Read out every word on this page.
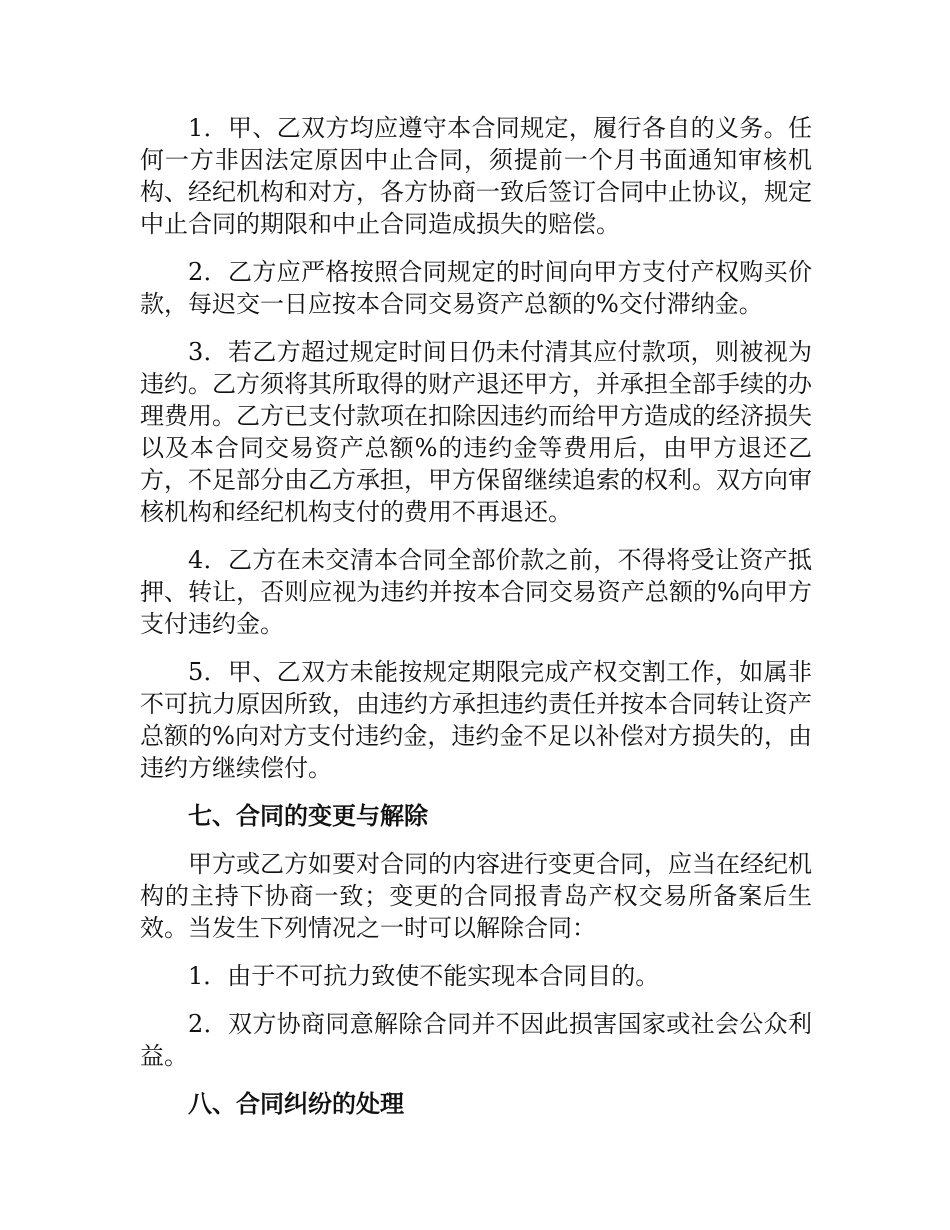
1．甲、乙双方均应遵守本合同规定，履行各自的义务。任何一方非因法定原因中止合同，须提前一个月书面通知审核机构、经纪机构和对方，各方协商一致后签订合同中止协议，规定中止合同的期限和中止合同造成损失的赔偿。

2．乙方应严格按照合同规定的时间向甲方支付产权购买价款，每迟交一日应按本合同交易资产总额的%交付滞纳金。

3．若乙方超过规定时间日仍未付清其应付款项，则被视为违约。乙方须将其所取得的财产退还甲方，并承担全部手续的办理费用。乙方已支付款项在扣除因违约而给甲方造成的经济损失以及本合同交易资产总额%的违约金等费用后，由甲方退还乙方，不足部分由乙方承担，甲方保留继续追索的权利。双方向审核机构和经纪机构支付的费用不再退还。

4．乙方在未交清本合同全部价款之前，不得将受让资产抵押、转让，否则应视为违约并按本合同交易资产总额的%向甲方支付违约金。

5．甲、乙双方未能按规定期限完成产权交割工作，如属非不可抗力原因所致，由违约方承担违约责任并按本合同转让资产总额的%向对方支付违约金，违约金不足以补偿对方损失的，由违约方继续偿付。

七、合同的变更与解除

甲方或乙方如要对合同的内容进行变更合同，应当在经纪机构的主持下协商一致；变更的合同报青岛产权交易所备案后生效。当发生下列情况之一时可以解除合同：

1．由于不可抗力致使不能实现本合同目的。

2．双方协商同意解除合同并不因此损害国家或社会公众利益。

八、合同纠纷的处理
